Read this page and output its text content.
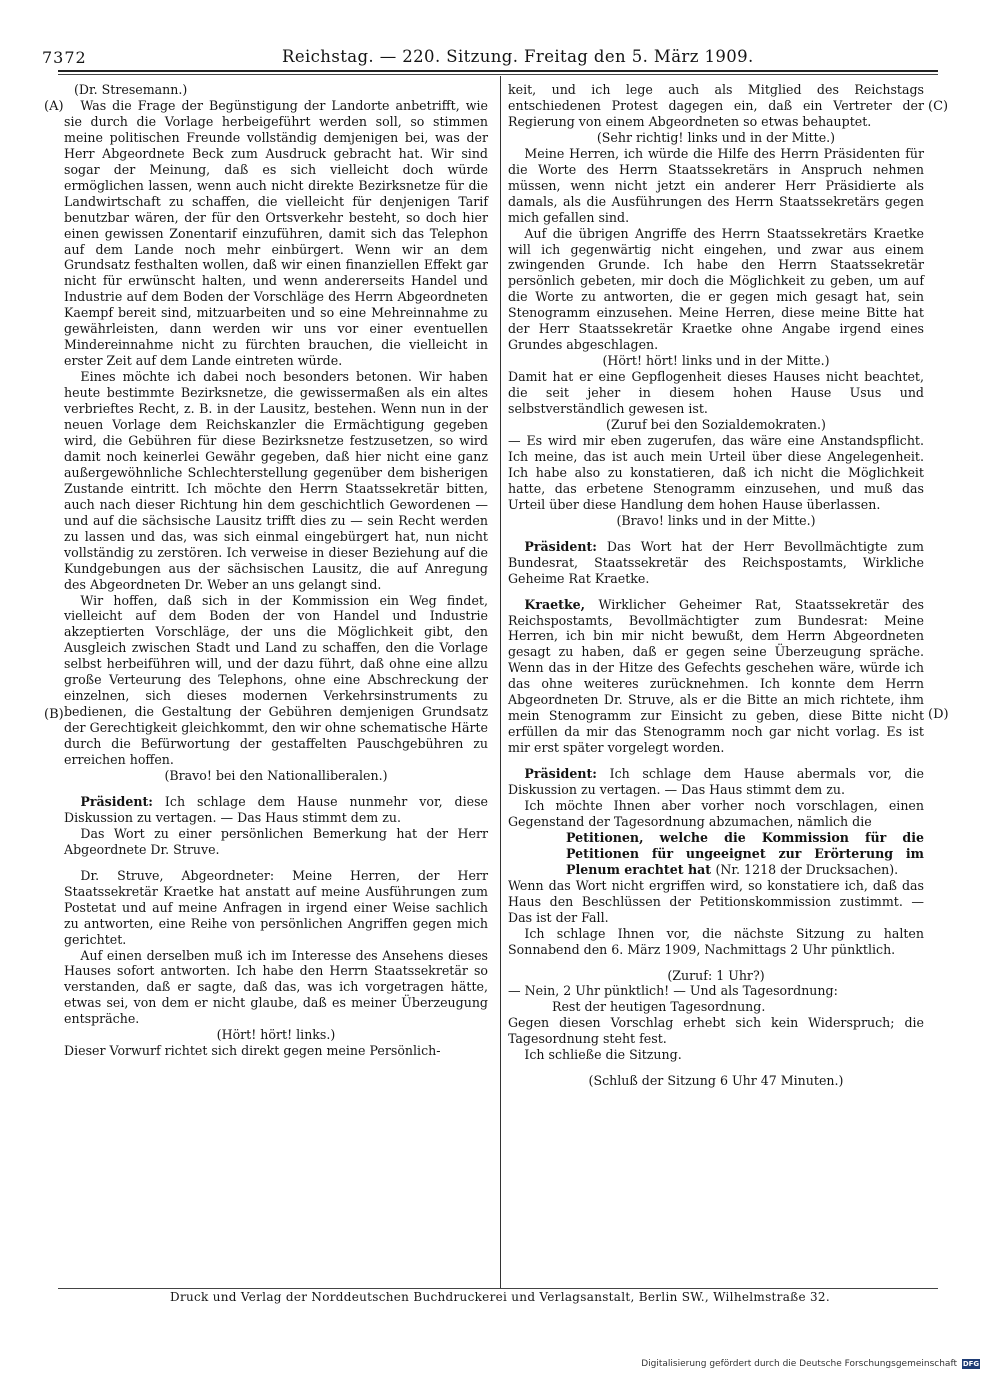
7372	Reichstag. — 220. Sitzung. Freitag den 5. März 1909.
(A)
(B)
(C)
(D)

(Dr. Stresemann.)

Was die Frage der Begünstigung der Landorte anbetrifft, wie sie durch die Vorlage herbeigeführt werden soll, so stimmen meine politischen Freunde vollständig demjenigen bei, was der Herr Abgeordnete Beck zum Ausdruck gebracht hat. Wir sind sogar der Meinung, daß es sich vielleicht doch würde ermöglichen lassen, wenn auch nicht direkte Bezirksnetze für die Landwirtschaft zu schaffen, die vielleicht für denjenigen Tarif benutzbar wären, der für den Ortsverkehr besteht, so doch hier einen gewissen Zonentarif einzuführen, damit sich das Telephon auf dem Lande noch mehr einbürgert. Wenn wir an dem Grundsatz festhalten wollen, daß wir einen finanziellen Effekt gar nicht für erwünscht halten, und wenn andererseits Handel und Industrie auf dem Boden der Vorschläge des Herrn Abgeordneten Kaempf bereit sind, mitzuarbeiten und so eine Mehreinnahme zu gewährleisten, dann werden wir uns vor einer eventuellen Mindereinnahme nicht zu fürchten brauchen, die vielleicht in erster Zeit auf dem Lande eintreten würde.

Eines möchte ich dabei noch besonders betonen. Wir haben heute bestimmte Bezirksnetze, die gewissermaßen als ein altes verbrieftes Recht, z. B. in der Lausitz, bestehen. Wenn nun in der neuen Vorlage dem Reichskanzler die Ermächtigung gegeben wird, die Gebühren für diese Bezirksnetze festzusetzen, so wird damit noch keinerlei Gewähr gegeben, daß hier nicht eine ganz außergewöhnliche Schlechterstellung gegenüber dem bisherigen Zustande eintritt. Ich möchte den Herrn Staatssekretär bitten, auch nach dieser Richtung hin dem geschichtlich Gewordenen — und auf die sächsische Lausitz trifft dies zu — sein Recht werden zu lassen und das, was sich einmal eingebürgert hat, nun nicht vollständig zu zerstören. Ich verweise in dieser Beziehung auf die Kundgebungen aus der sächsischen Lausitz, die auf Anregung des Abgeordneten Dr. Weber an uns gelangt sind.

Wir hoffen, daß sich in der Kommission ein Weg findet, vielleicht auf dem Boden der von Handel und Industrie akzeptierten Vorschläge, der uns die Möglichkeit gibt, den Ausgleich zwischen Stadt und Land zu schaffen, den die Vorlage selbst herbeiführen will, und der dazu führt, daß ohne eine allzu große Verteurung des Telephons, ohne eine Abschreckung der einzelnen, sich dieses modernen Verkehrsinstruments zu bedienen, die Gestaltung der Gebühren demjenigen Grundsatz der Gerechtigkeit gleichkommt, den wir ohne schematische Härte durch die Befürwortung der gestaffelten Pauschgebühren zu erreichen hoffen.

(Bravo! bei den Nationalliberalen.)

Präsident: Ich schlage dem Hause nunmehr vor, diese Diskussion zu vertagen. — Das Haus stimmt dem zu.

Das Wort zu einer persönlichen Bemerkung hat der Herr Abgeordnete Dr. Struve.

Dr. Struve, Abgeordneter: Meine Herren, der Herr Staatssekretär Kraetke hat anstatt auf meine Ausführungen zum Postetat und auf meine Anfragen in irgend einer Weise sachlich zu antworten, eine Reihe von persönlichen Angriffen gegen mich gerichtet.

Auf einen derselben muß ich im Interesse des Ansehens dieses Hauses sofort antworten. Ich habe den Herrn Staatssekretär so verstanden, daß er sagte, daß das, was ich vorgetragen hätte, etwas sei, von dem er nicht glaube, daß es meiner Überzeugung entspräche.

(Hört! hört! links.)

Dieser Vorwurf richtet sich direkt gegen meine Persönlich-

keit, und ich lege auch als Mitglied des Reichstags entschiedenen Protest dagegen ein, daß ein Vertreter der Regierung von einem Abgeordneten so etwas behauptet.

(Sehr richtig! links und in der Mitte.)

Meine Herren, ich würde die Hilfe des Herrn Präsidenten für die Worte des Herrn Staatssekretärs in Anspruch nehmen müssen, wenn nicht jetzt ein anderer Herr Präsidierte als damals, als die Ausführungen des Herrn Staatssekretärs gegen mich gefallen sind.

Auf die übrigen Angriffe des Herrn Staatssekretärs Kraetke will ich gegenwärtig nicht eingehen, und zwar aus einem zwingenden Grunde. Ich habe den Herrn Staatssekretär persönlich gebeten, mir doch die Möglichkeit zu geben, um auf die Worte zu antworten, die er gegen mich gesagt hat, sein Stenogramm einzusehen. Meine Herren, diese meine Bitte hat der Herr Staatssekretär Kraetke ohne Angabe irgend eines Grundes abgeschlagen.

(Hört! hört! links und in der Mitte.)

Damit hat er eine Gepflogenheit dieses Hauses nicht beachtet, die seit jeher in diesem hohen Hause Usus und selbstverständlich gewesen ist.

(Zuruf bei den Sozialdemokraten.)

— Es wird mir eben zugerufen, das wäre eine Anstandspflicht. Ich meine, das ist auch mein Urteil über diese Angelegenheit. Ich habe also zu konstatieren, daß ich nicht die Möglichkeit hatte, das erbetene Stenogramm einzusehen, und muß das Urteil über diese Handlung dem hohen Hause überlassen.

(Bravo! links und in der Mitte.)

Präsident: Das Wort hat der Herr Bevollmächtigte zum Bundesrat, Staatssekretär des Reichspostamts, Wirkliche Geheime Rat Kraetke.

Kraetke, Wirklicher Geheimer Rat, Staatssekretär des Reichspostamts, Bevollmächtigter zum Bundesrat: Meine Herren, ich bin mir nicht bewußt, dem Herrn Abgeordneten gesagt zu haben, daß er gegen seine Überzeugung spräche. Wenn das in der Hitze des Gefechts geschehen wäre, würde ich das ohne weiteres zurücknehmen. Ich konnte dem Herrn Abgeordneten Dr. Struve, als er die Bitte an mich richtete, ihm mein Stenogramm zur Einsicht zu geben, diese Bitte nicht erfüllen da mir das Stenogramm noch gar nicht vorlag. Es ist mir erst später vorgelegt worden.

Präsident: Ich schlage dem Hause abermals vor, die Diskussion zu vertagen. — Das Haus stimmt dem zu.

Ich möchte Ihnen aber vorher noch vorschlagen, einen Gegenstand der Tagesordnung abzumachen, nämlich die

Petitionen, welche die Kommission für die Petitionen für ungeeignet zur Erörterung im Plenum erachtet hat (Nr. 1218 der Drucksachen).

Wenn das Wort nicht ergriffen wird, so konstatiere ich, daß das Haus den Beschlüssen der Petitionskommission zustimmt. — Das ist der Fall.

Ich schlage Ihnen vor, die nächste Sitzung zu halten Sonnabend den 6. März 1909, Nachmittags 2 Uhr pünktlich.

(Zuruf: 1 Uhr?)

— Nein, 2 Uhr pünktlich! — Und als Tagesordnung:

Rest der heutigen Tagesordnung.

Gegen diesen Vorschlag erhebt sich kein Widerspruch; die Tagesordnung steht fest.

Ich schließe die Sitzung.

(Schluß der Sitzung 6 Uhr 47 Minuten.)

Druck und Verlag der Norddeutschen Buchdruckerei und Verlagsanstalt, Berlin SW., Wilhelmstraße 32.
Digitalisierung gefördert durch die Deutsche Forschungsgemeinschaft DFG
